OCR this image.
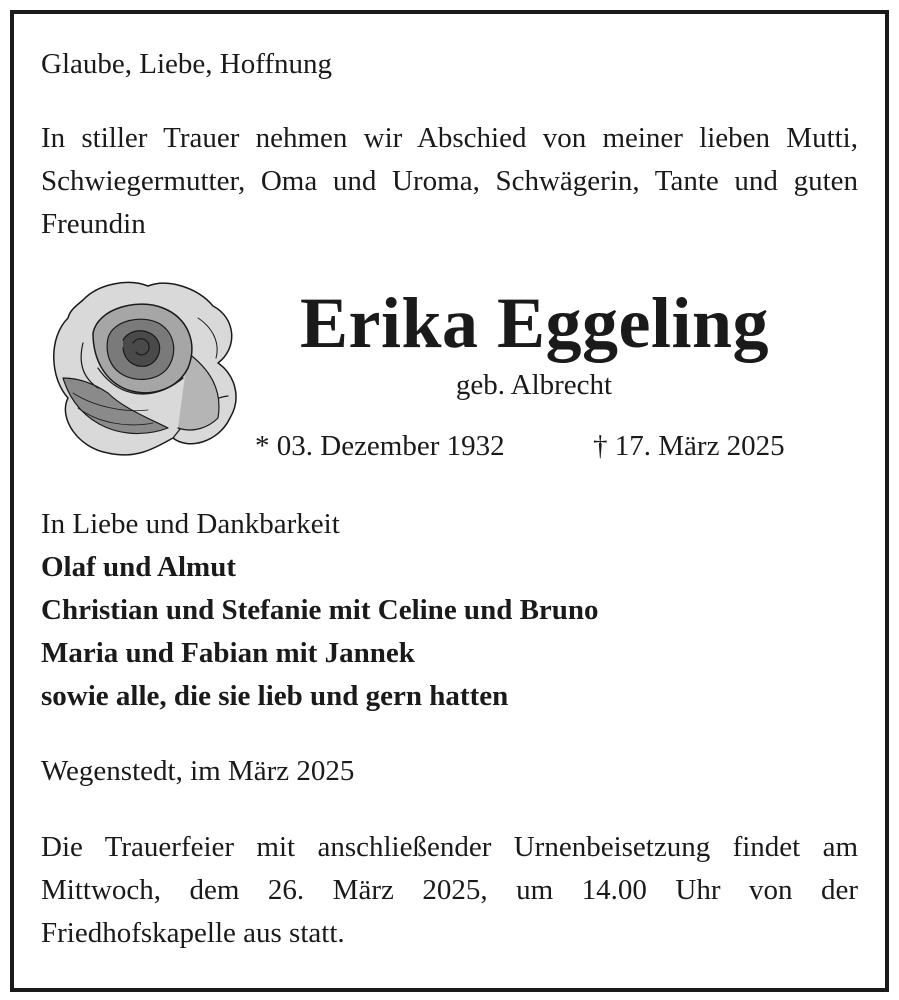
Glaube, Liebe, Hoffnung
In stiller Trauer nehmen wir Abschied von meiner lieben Mutti, Schwiegermutter, Oma und Uroma, Schwägerin, Tante und guten Freundin
Erika Eggeling
geb. Albrecht
* 03. Dezember 1932	† 17. März 2025
In Liebe und Dankbarkeit
Olaf und Almut
Christian und Stefanie mit Celine und Bruno
Maria und Fabian mit Jannek
sowie alle, die sie lieb und gern hatten
Wegenstedt, im März 2025
Die Trauerfeier mit anschließender Urnenbeisetzung findet am Mittwoch, dem 26. März 2025, um 14.00 Uhr von der Friedhofskapelle aus statt.
